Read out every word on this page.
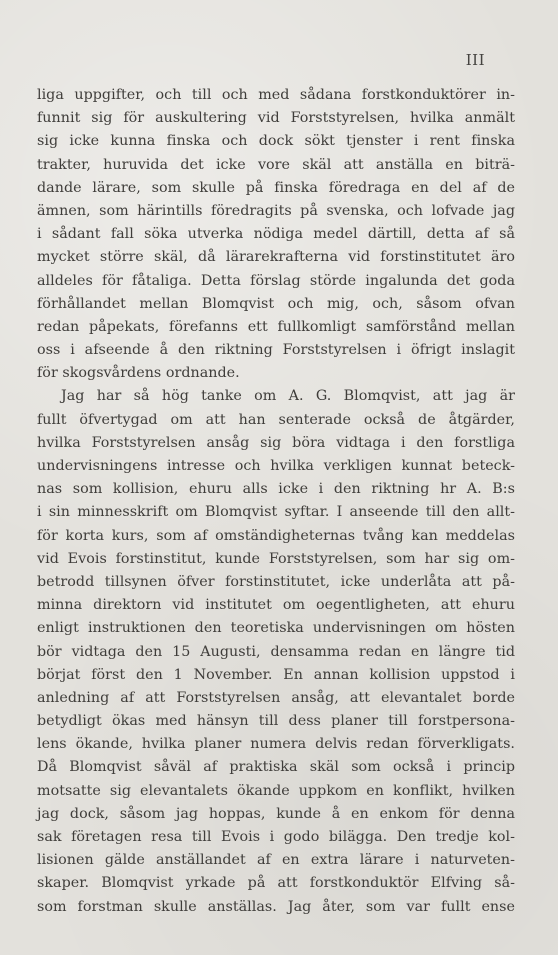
III
liga uppgifter, och till och med sådana forstkonduktörer in-
funnit sig för auskultering vid Forststyrelsen, hvilka anmält
sig icke kunna finska och dock sökt tjenster i rent finska
trakter, huruvida det icke vore skäl att anställa en biträ-
dande lärare, som skulle på finska föredraga en del af de
ämnen, som härintills föredragits på svenska, och lofvade jag
i sådant fall söka utverka nödiga medel därtill, detta af så
mycket större skäl, då lärarekrafterna vid forstinstitutet äro
alldeles för fåtaliga. Detta förslag störde ingalunda det goda
förhållandet mellan Blomqvist och mig, och, såsom ofvan
redan påpekats, förefanns ett fullkomligt samförstånd mellan
oss i afseende å den riktning Forststyrelsen i öfrigt inslagit
för skogsvårdens ordnande.
Jag har så hög tanke om A. G. Blomqvist, att jag är
fullt öfvertygad om att han senterade också de åtgärder,
hvilka Forststyrelsen ansåg sig böra vidtaga i den forstliga
undervisningens intresse och hvilka verkligen kunnat beteck-
nas som kollision, ehuru alls icke i den riktning hr A. B:s
i sin minnesskrift om Blomqvist syftar. I anseende till den allt-
för korta kurs, som af omständigheternas tvång kan meddelas
vid Evois forstinstitut, kunde Forststyrelsen, som har sig om-
betrodd tillsynen öfver forstinstitutet, icke underlåta att på-
minna direktorn vid institutet om oegentligheten, att ehuru
enligt instruktionen den teoretiska undervisningen om hösten
bör vidtaga den 15 Augusti, densamma redan en längre tid
börjat först den 1 November. En annan kollision uppstod i
anledning af att Forststyrelsen ansåg, att elevantalet borde
betydligt ökas med hänsyn till dess planer till forstpersona-
lens ökande, hvilka planer numera delvis redan förverkligats.
Då Blomqvist såväl af praktiska skäl som också i princip
motsatte sig elevantalets ökande uppkom en konflikt, hvilken
jag dock, såsom jag hoppas, kunde å en enkom för denna
sak företagen resa till Evois i godo bilägga. Den tredje kol-
lisionen gälde anställandet af en extra lärare i naturveten-
skaper. Blomqvist yrkade på att forstkonduktör Elfving så-
som forstman skulle anställas. Jag åter, som var fullt ense
